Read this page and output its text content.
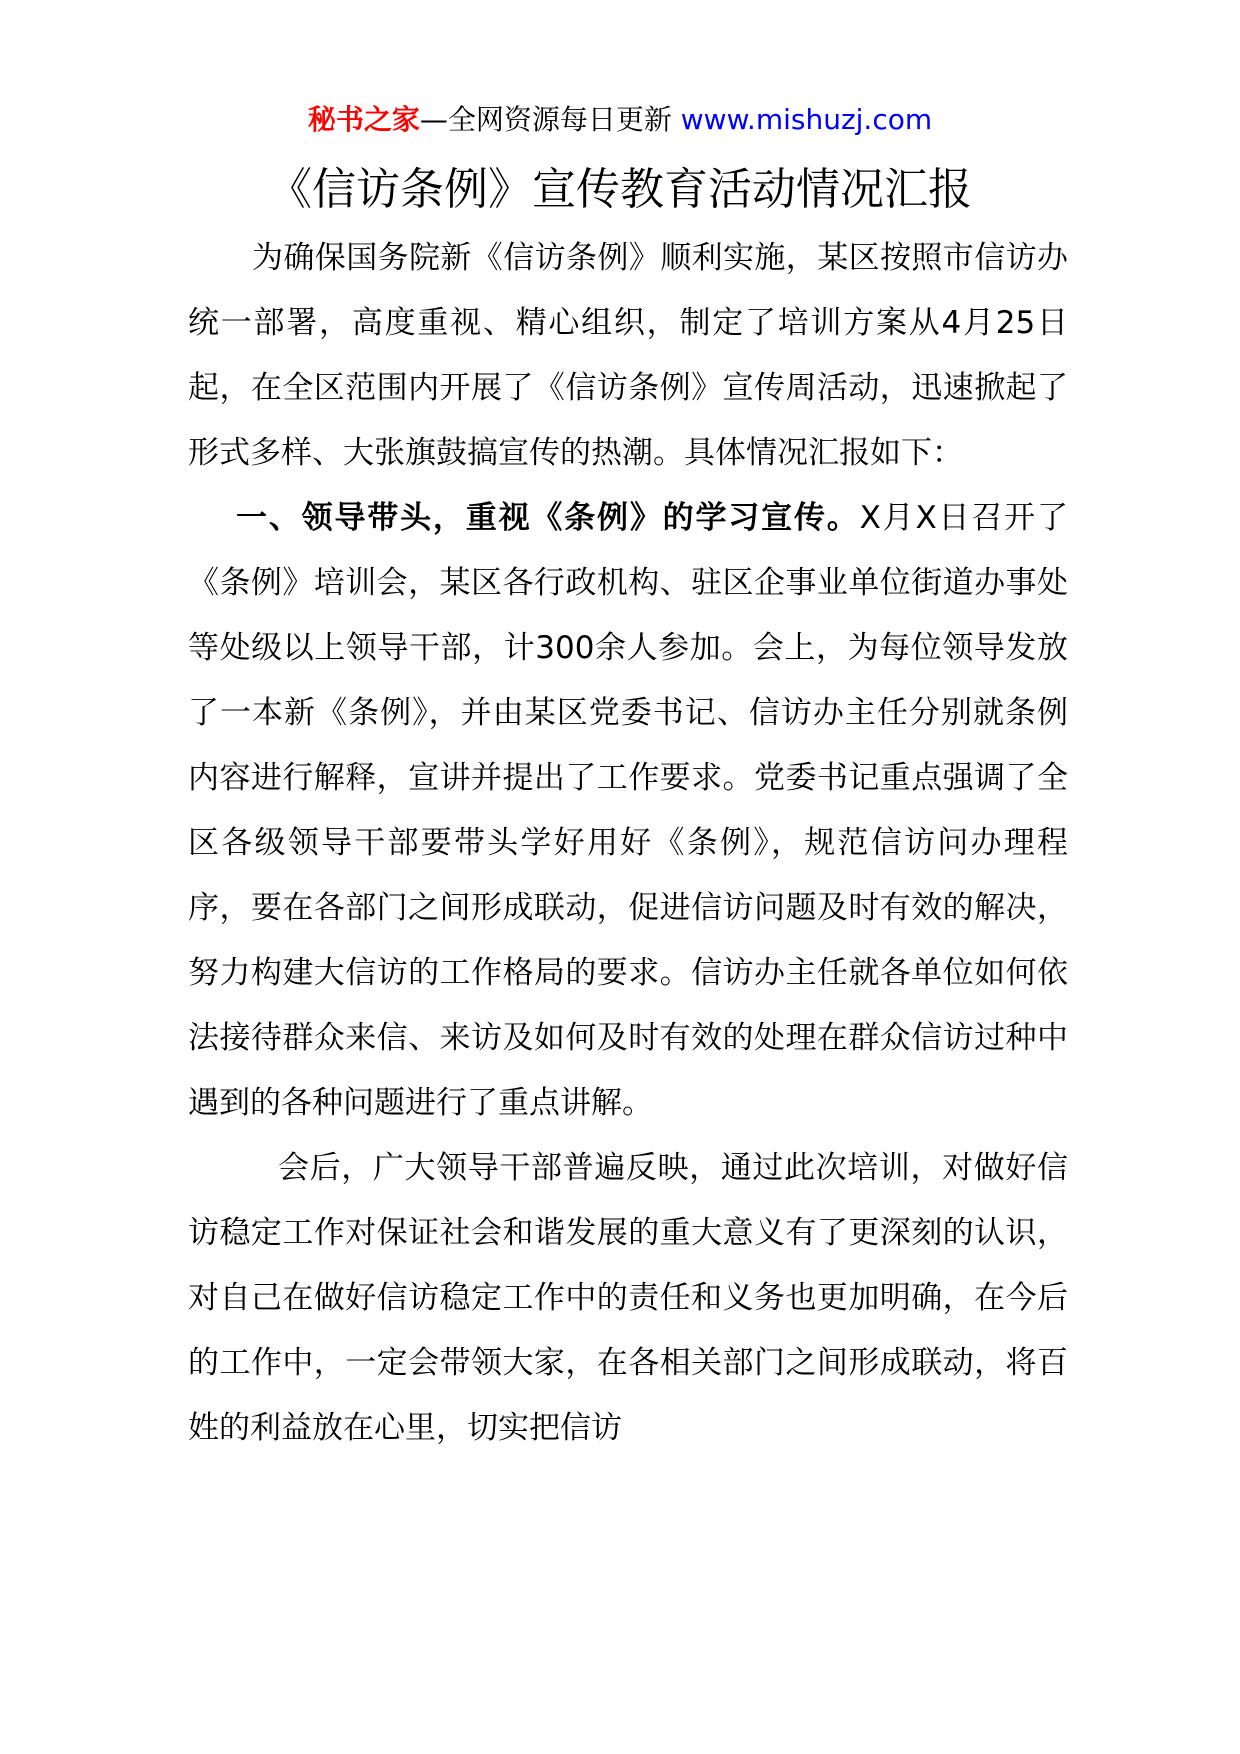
秘书之家—全网资源每日更新 www.mishuzj.com
《信访条例》宣传教育活动情况汇报

为确保国务院新《信访条例》顺利实施，某区按照市信访办统一部署，高度重视、精心组织，制定了培训方案从4月25日起，在全区范围内开展了《信访条例》宣传周活动，迅速掀起了形式多样、大张旗鼓搞宣传的热潮。具体情况汇报如下：

一、领导带头，重视《条例》的学习宣传。X月X日召开了《条例》培训会，某区各行政机构、驻区企事业单位街道办事处等处级以上领导干部，计300余人参加。会上，为每位领导发放了一本新《条例》，并由某区党委书记、信访办主任分别就条例内容进行解释，宣讲并提出了工作要求。党委书记重点强调了全区各级领导干部要带头学好用好《条例》，规范信访问办理程序，要在各部门之间形成联动，促进信访问题及时有效的解决，努力构建大信访的工作格局的要求。信访办主任就各单位如何依法接待群众来信、来访及如何及时有效的处理在群众信访过种中遇到的各种问题进行了重点讲解。

会后，广大领导干部普遍反映，通过此次培训，对做好信访稳定工作对保证社会和谐发展的重大意义有了更深刻的认识，对自己在做好信访稳定工作中的责任和义务也更加明确，在今后的工作中，一定会带领大家，在各相关部门之间形成联动，将百姓的利益放在心里，切实把信访
